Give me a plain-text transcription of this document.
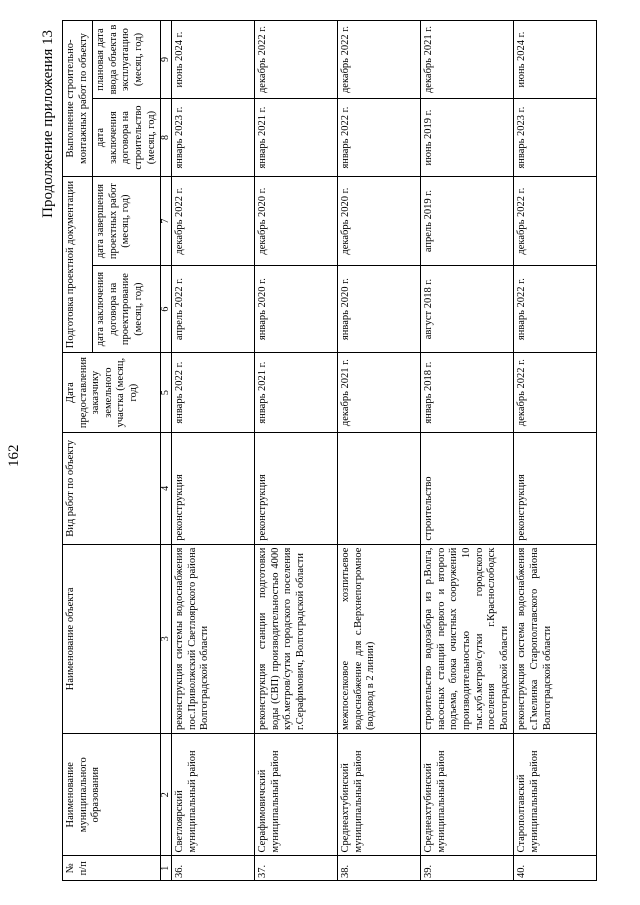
162
Продолжение приложения 13
№ п/п	Наименование муниципального образования	Наименование объекта	Вид работ по объекту	Дата предоставления заказчику земельного участка (месяц, год)	Подготовка проектной документации		Выполнение строительно-монтажных работ по объекту	
					дата заключения договора на проектирование (месяц, год)	дата завершения проектных работ (месяц, год)	дата заключения договора на строительство (месяц, год)	плановая дата ввода объекта в эксплуатацию (месяц, год)
1	2	3	4	5	6	7	8	9
36.	Светлоярский муниципальный район	реконструкция системы водоснабжения пос.Приволжский Светлоярского района Волгоградской области	реконструкция	январь 2022 г.	апрель 2022 г.	декабрь 2022 г.	январь 2023 г.	июнь 2024 г.
37.	Серафимовичский муниципальный район	реконструкция станции подготовки воды (СВП) производительностью 4000 куб.метров/сутки городского поселения г.Серафимович, Волгоградской области	реконструкция	январь 2021 г.	январь 2020 г.	декабрь 2020 г.	январь 2021 г.	декабрь 2022 г.
38.	Среднеахтубинский муниципальный район	межпоселковое хозпитьевое водоснабжение для с.Верхнепогромное (водовод в 2 линии)		декабрь 2021 г.	январь 2020 г.	декабрь 2020 г.	январь 2022 г.	декабрь 2022 г.
39.	Среднеахтубинский муниципальный район	строительство водозабора из р.Волга, насосных станций первого и второго подъема, блока очистных сооружений производительностью 10 тыс.куб.метров/сутки городского поселения г.Краснослободск Волгоградской области	строительство	январь 2018 г.	август 2018 г.	апрель 2019 г.	июнь 2019 г.	декабрь 2021 г.
40.	Старополтавский муниципальный район	реконструкция система водоснабжения с.Гмелинка Старополтавского района Волгоградской области	реконструкция	декабрь 2022 г.	январь 2022 г.	декабрь 2022 г.	январь 2023 г.	июнь 2024 г.
